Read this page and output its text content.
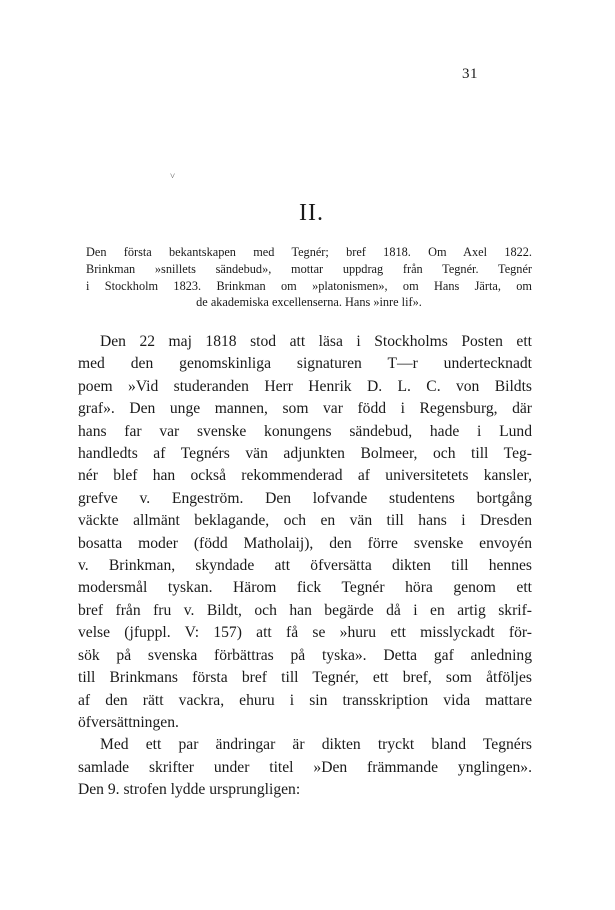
31
˅
II.
Den första bekantskapen med Tegnér; bref 1818. Om Axel 1822.
Brinkman »snillets sändebud», mottar uppdrag från Tegnér. Tegnér
i Stockholm 1823. Brinkman om »platonismen», om Hans Järta, om
de akademiska excellenserna. Hans »inre lif».
Den 22 maj 1818 stod att läsa i Stockholms Posten ett
med den genomskinliga signaturen T—r undertecknadt
poem »Vid studeranden Herr Henrik D. L. C. von Bildts
graf». Den unge mannen, som var född i Regensburg, där
hans far var svenske konungens sändebud, hade i Lund
handledts af Tegnérs vän adjunkten Bolmeer, och till Teg-
nér blef han också rekommenderad af universitetets kansler,
grefve v. Engeström. Den lofvande studentens bortgång
väckte allmänt beklagande, och en vän till hans i Dresden
bosatta moder (född Matholaij), den förre svenske envoyén
v. Brinkman, skyndade att öfversätta dikten till hennes
modersmål tyskan. Härom fick Tegnér höra genom ett
bref från fru v. Bildt, och han begärde då i en artig skrif-
velse (jfuppl. V: 157) att få se »huru ett misslyckadt för-
sök på svenska förbättras på tyska». Detta gaf anledning
till Brinkmans första bref till Tegnér, ett bref, som åtföljes
af den rätt vackra, ehuru i sin transskription vida mattare
öfversättningen.
Med ett par ändringar är dikten tryckt bland Tegnérs
samlade skrifter under titel »Den främmande ynglingen».
Den 9. strofen lydde ursprungligen:
